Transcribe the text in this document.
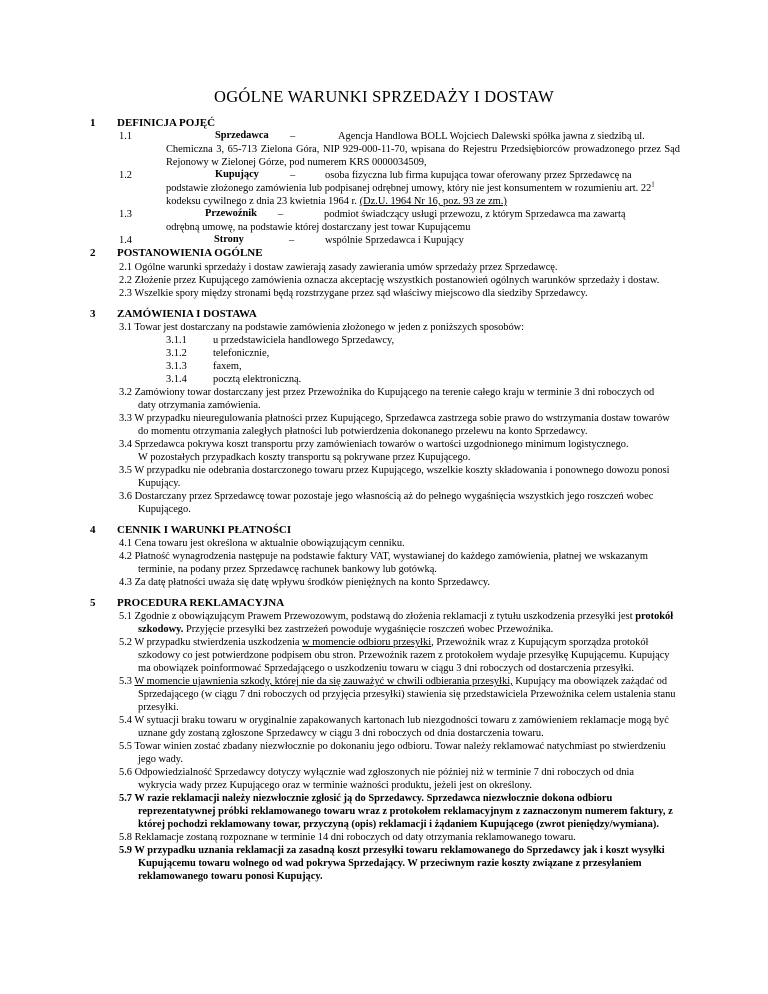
OGÓLNE WARUNKI SPRZEDAŻY I DOSTAW
1 DEFINICJA POJĘĆ
1.1	Sprzedawca –	Agencja Handlowa BOLL Wojciech Dalewski spółka jawna z siedzibą ul.
Chemiczna 3, 65-713 Zielona Góra, NIP 929-000-11-70, wpisana do Rejestru Przedsiębiorców prowadzonego przez Sąd Rejonowy w Zielonej Górze, pod numerem KRS 0000034509,
1.2	Kupujący	–	osoba fizyczna lub firma kupująca towar oferowany przez Sprzedawcę na
podstawie złożonego zamówienia lub podpisanej odrębnej umowy, który nie jest konsumentem w rozumieniu art. $22^1$
kodeksu cywilnego z dnia 23 kwietnia 1964 r. (Dz.U. 1964 Nr 16, poz. 93 ze zm.)
1.3	Przewoźnik –	podmiot świadczący usługi przewozu, z którym Sprzedawca ma zawartą
odrębną umowę, na podstawie której dostarczany jest towar Kupującemu
1.4	Strony	–	wspólnie Sprzedawca i Kupujący
2 POSTANOWIENIA OGÓLNE
2.1 Ogólne warunki sprzedaży i dostaw zawierają zasady zawierania umów sprzedaży przez Sprzedawcę.
2.2 Złożenie przez Kupującego zamówienia oznacza akceptację wszystkich postanowień ogólnych warunków sprzedaży i dostaw.
2.3 Wszelkie spory między stronami będą rozstrzygane przez sąd właściwy miejscowo dla siedziby Sprzedawcy.
3 ZAMÓWIENIA I DOSTAWA
3.1 Towar jest dostarczany na podstawie zamówienia złożonego w jeden z poniższych sposobów:
3.1.1	u przedstawiciela handlowego Sprzedawcy,
3.1.2	telefonicznie,
3.1.3	faxem,
3.1.4	pocztą elektroniczną.
3.2 Zamówiony towar dostarczany jest przez Przewoźnika do Kupującego na terenie całego kraju w terminie 3 dni roboczych od
daty otrzymania zamówienia.
3.3 W przypadku nieuregulowania płatności przez Kupującego, Sprzedawca zastrzega sobie prawo do wstrzymania dostaw towarów
do momentu otrzymania zaległych płatności lub potwierdzenia dokonanego przelewu na konto Sprzedawcy.
3.4 Sprzedawca pokrywa koszt transportu przy zamówieniach towarów o wartości uzgodnionego minimum logistycznego.
W pozostałych przypadkach koszty transportu są pokrywane przez Kupującego.
3.5 W przypadku nie odebrania dostarczonego towaru przez Kupującego, wszelkie koszty składowania i ponownego dowozu ponosi
Kupujący.
3.6 Dostarczany przez Sprzedawcę towar pozostaje jego własnością aż do pełnego wygaśnięcia wszystkich jego roszczeń wobec
Kupującego.
4 CENNIK I WARUNKI PŁATNOŚCI
4.1 Cena towaru jest określona w aktualnie obowiązującym cenniku.
4.2 Płatność wynagrodzenia następuje na podstawie faktury VAT, wystawianej do każdego zamówienia, płatnej we wskazanym
terminie, na podany przez Sprzedawcę rachunek bankowy lub gotówką.
4.3 Za datę płatności uważa się datę wpływu środków pieniężnych na konto Sprzedawcy.
5 PROCEDURA REKLAMACYJNA
5.1 Zgodnie z obowiązującym Prawem Przewozowym, podstawą do złożenia reklamacji z tytułu uszkodzenia przesyłki jest protokół
szkodowy. Przyjęcie przesyłki bez zastrzeżeń powoduje wygaśnięcie roszczeń wobec Przewoźnika.
5.2 W przypadku stwierdzenia uszkodzenia w momencie odbioru przesyłki, Przewoźnik wraz z Kupującym sporządza protokół
szkodowy co jest potwierdzone podpisem obu stron. Przewoźnik razem z protokołem wydaje przesyłkę Kupującemu. Kupujący
ma obowiązek poinformować Sprzedającego o uszkodzeniu towaru w ciągu 3 dni roboczych od dostarczenia przesyłki.
5.3 W momencie ujawnienia szkody, której nie da się zauważyć w chwili odbierania przesyłki, Kupujący ma obowiązek zażądać od
Sprzedającego (w ciągu 7 dni roboczych od przyjęcia przesyłki) stawienia się przedstawiciela Przewoźnika celem ustalenia stanu
przesyłki.
5.4 W sytuacji braku towaru w oryginalnie zapakowanych kartonach lub niezgodności towaru z zamówieniem reklamacje mogą być
uznane gdy zostaną zgłoszone Sprzedawcy w ciągu 3 dni roboczych od dnia dostarczenia towaru.
5.5 Towar winien zostać zbadany niezwłocznie po dokonaniu jego odbioru. Towar należy reklamować natychmiast po stwierdzeniu
jego wady.
5.6 Odpowiedzialność Sprzedawcy dotyczy wyłącznie wad zgłoszonych nie później niż w terminie 7 dni roboczych od dnia
wykrycia wady przez Kupującego oraz w terminie ważności produktu, jeżeli jest on określony.
5.7 W razie reklamacji należy niezwłocznie zgłosić ją do Sprzedawcy. Sprzedawca niezwłocznie dokona odbioru
reprezentatywnej próbki reklamowanego towaru wraz z protokołem reklamacyjnym z zaznaczonym numerem faktury, z
której pochodzi reklamowany towar, przyczyną (opis) reklamacji i żądaniem Kupującego (zwrot pieniędzy/wymiana).
5.8 Reklamacje zostaną rozpoznane w terminie 14 dni roboczych od daty otrzymania reklamowanego towaru.
5.9 W przypadku uznania reklamacji za zasadną koszt przesyłki towaru reklamowanego do Sprzedawcy jak i koszt wysyłki
Kupującemu towaru wolnego od wad pokrywa Sprzedający. W przeciwnym razie koszty związane z przesyłaniem
reklamowanego towaru ponosi Kupujący.
